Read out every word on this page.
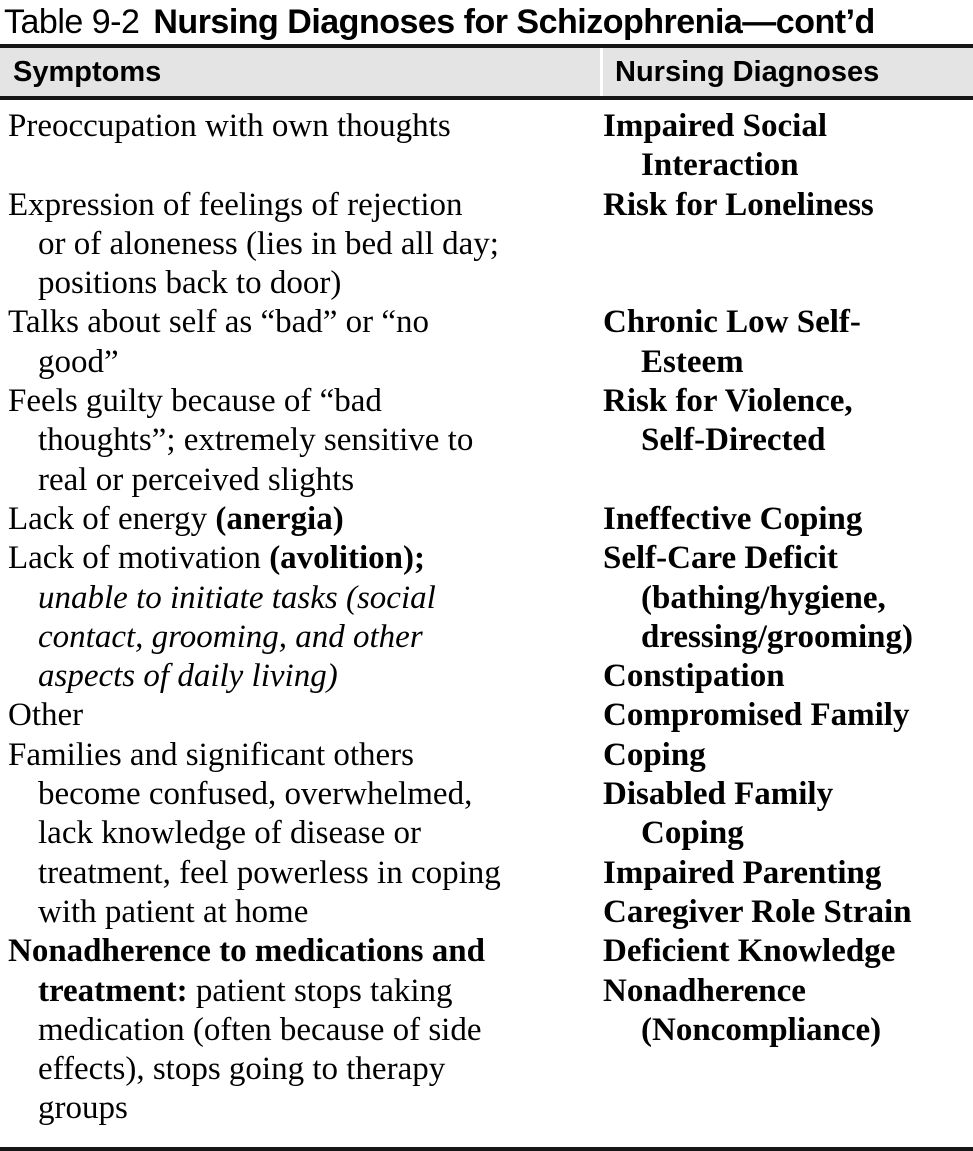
Table 9-2 Nursing Diagnoses for Schizophrenia—cont’d
Symptoms	Nursing Diagnoses
Preoccupation with own thoughts

Expression of feelings of rejection
or of aloneness (lies in bed all day;
positions back to door)
Talks about self as “bad” or “no
good”
Feels guilty because of “bad
thoughts”; extremely sensitive to
real or perceived slights
Lack of energy (anergia)
Lack of motivation (avolition);
unable to initiate tasks (social
contact, grooming, and other
aspects of daily living)
Other
Families and significant others
become confused, overwhelmed,
lack knowledge of disease or
treatment, feel powerless in coping
with patient at home
Nonadherence to medications and
treatment: patient stops taking
medication (often because of side
effects), stops going to therapy
groups
Impaired Social
Interaction
Risk for Loneliness

Chronic Low Self-
Esteem
Risk for Violence,
Self-Directed

Ineffective Coping
Self-Care Deficit
(bathing/hygiene,
dressing/grooming)
Constipation
Compromised Family
Coping
Disabled Family
Coping
Impaired Parenting
Caregiver Role Strain
Deficient Knowledge
Nonadherence
(Noncompliance)
